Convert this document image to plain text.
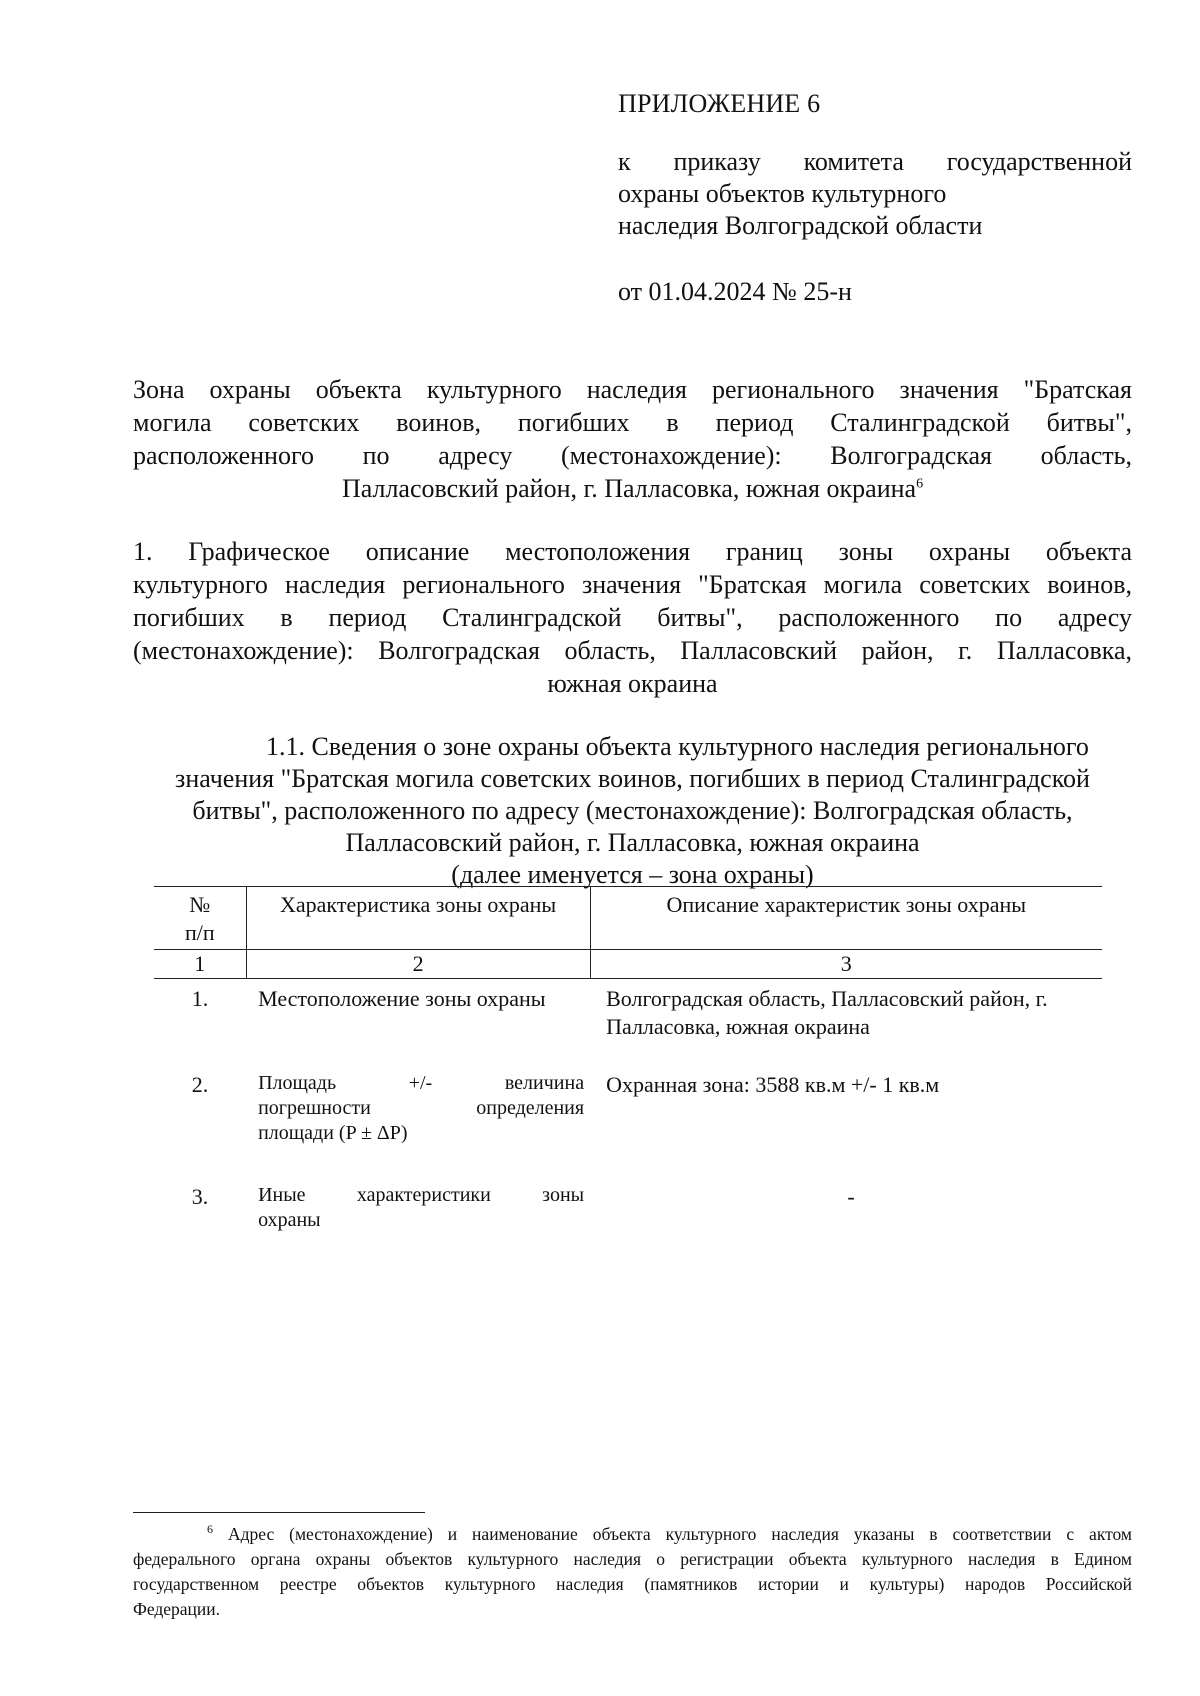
ПРИЛОЖЕНИЕ 6
к приказу комитета государственной
охраны объектов культурного
наследия Волгоградской области
от 01.04.2024 № 25-н
Зона охраны объекта культурного наследия регионального значения "Братская
могила советских воинов, погибших в период Сталинградской битвы",
расположенного по адресу (местонахождение): Волгоградская область,
Палласовский район, г. Палласовка, южная окраина$^6$
1. Графическое описание местоположения границ зоны охраны объекта
культурного наследия регионального значения "Братская могила советских воинов,
погибших в период Сталинградской битвы", расположенного по адресу
(местонахождение): Волгоградская область, Палласовский район, г. Палласовка,
южная окраина
1.1. Сведения о зоне охраны объекта культурного наследия регионального
значения "Братская могила советских воинов, погибших в период Сталинградской
битвы", расположенного по адресу (местонахождение): Волгоградская область,
Палласовский район, г. Палласовка, южная окраина
(далее именуется – зона охраны)
№
п/п	Характеристика зоны охраны	Описание характеристик зоны охраны
1	2	3
1.	Местоположение зоны охраны	Волгоградская область, Палласовский район, г.
Палласовка, южная окраина

2.	Площадь +/- величина
погрешности определения
площади (P ± ΔP)	Охранная зона: 3588 кв.м +/- 1 кв.м
3.	Иные характеристики зоны
охраны	-
$^6$ Адрес (местонахождение) и наименование объекта культурного наследия указаны в соответствии с актом
федерального органа охраны объектов культурного наследия о регистрации объекта культурного наследия в Едином
государственном реестре объектов культурного наследия (памятников истории и культуры) народов Российской
Федерации.
